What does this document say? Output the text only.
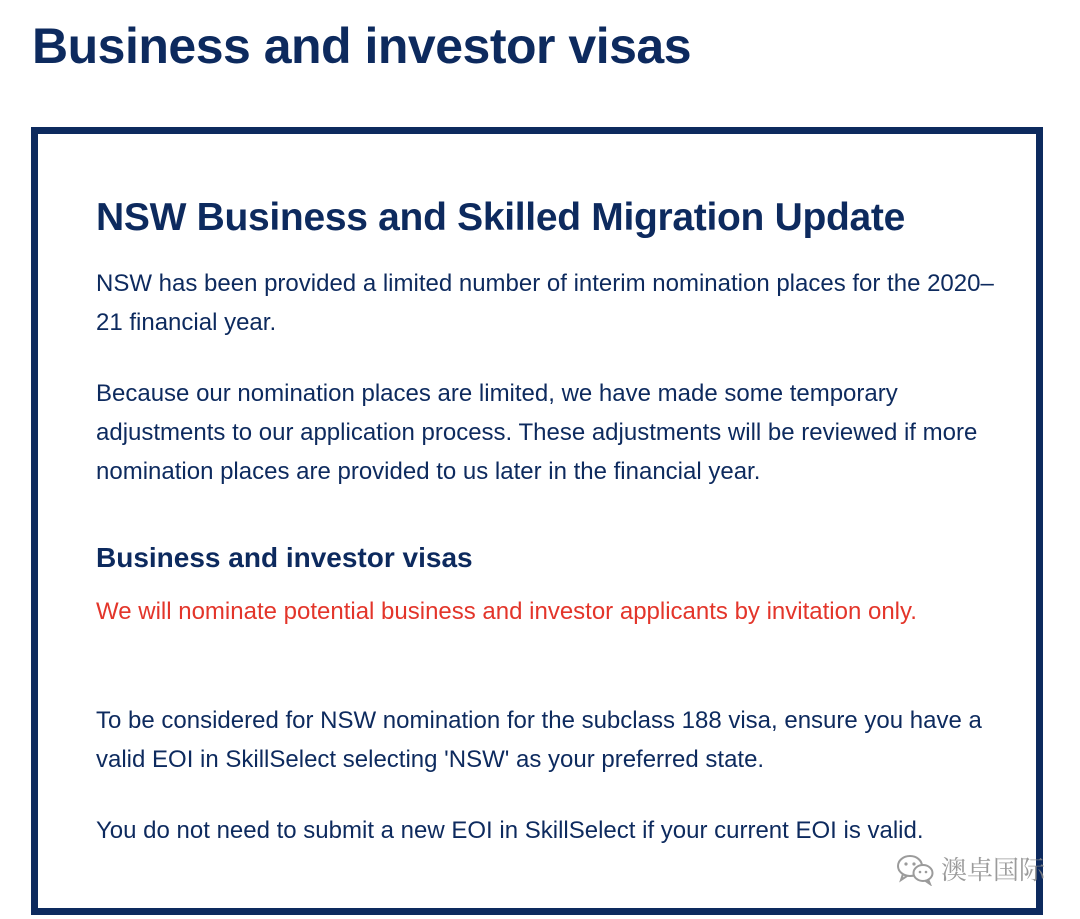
Business and investor visas
NSW Business and Skilled Migration Update

NSW has been provided a limited number of interim nomination places for the 2020–21 financial year.

Because our nomination places are limited, we have made some temporary adjustments to our application process. These adjustments will be reviewed if more nomination places are provided to us later in the financial year.

Business and investor visas

We will nominate potential business and investor applicants by invitation only.

To be considered for NSW nomination for the subclass 188 visa, ensure you have a valid EOI in SkillSelect selecting 'NSW' as your preferred state.

You do not need to submit a new EOI in SkillSelect if your current EOI is valid.

澳卓国际
